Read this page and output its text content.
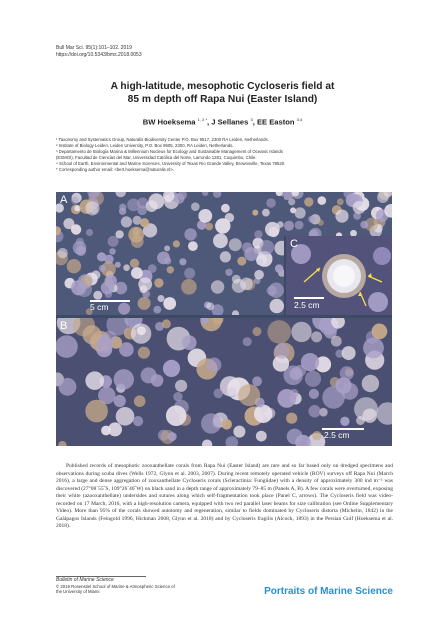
Bull Mar Sci. 95(1):101–102. 2019
https://doi.org/10.5343/bms.2018.0053
A high-latitude, mesophotic Cycloseris field at
85 m depth off Rapa Nui (Easter Island)
BW Hoeksema $^{1, 2 *}$, J Sellanes $^3$, EE Easton $^{3,4}$
¹ Taxonomy and Systematics Group, Naturalis Biodiversity Center P.O. Box 9517, 2300 RA Leiden, Netherlands.
² Institute of Biology Leiden, Leiden University, P.O. Box 9505, 2300, RA Leiden, Netherlands.
³ Departamento de Biología Marina & Millennium Nucleus for Ecology and Sustainable Management of Oceanic Islands
(ESMOI), Facultad de Ciencias del Mar, Universidad Católica del Norte, Larrondo 1281, Coquimbo, Chile.
⁴ School of Earth, Environmental and Marine Sciences, University of Texas Rio Grande Valley, Brownsville, Texas 78520.
* Corresponding author email: <bert.hoeksema@naturalis.nl>.
A
5 cm
C
2.5 cm
B
2.5 cm
Published records of mesophotic zooxanthellate corals from Rapa Nui (Easter Island) are rare and so far based only on dredged specimens and observations during scuba dives (Wells 1972, Glynn et al. 2003, 2007). During recent remotely operated vehicle (ROV) surveys off Rapa Nui (March 2016), a large and dense aggregation of zooxanthellate Cycloseris corals (Scleractinia: Fungiidae) with a density of approximately 300 ind m⁻² was discovered (27°08´55˝S, 109°26´46˝W) on black sand in a depth range of approximately 79–85 m (Panels A, B). A few corals were overturned, exposing their white (azooxanthellate) undersides and sutures along which self-fragmentation took place (Panel C, arrows). The Cycloseris field was video-recorded on 17 March, 2016, with a high-resolution camera, equipped with two red parallel laser beams for size calibration (see Online Supplementary Video). More than 95% of the corals showed autotomy and regeneration, similar to fields dominated by Cycloseris distorta (Michelin, 1842) in the Galápagos Islands (Feingold 1996, Hickman 2008, Glynn et al. 2018) and by Cycloseris fragilis (Alcock, 1893) in the Persian Gulf (Hoeksema et al. 2018).
Bulletin of Marine Science
© 2019 Rosenstiel School of Marine & Atmospheric Science of
the University of Miami	Portraits of Marine Science
